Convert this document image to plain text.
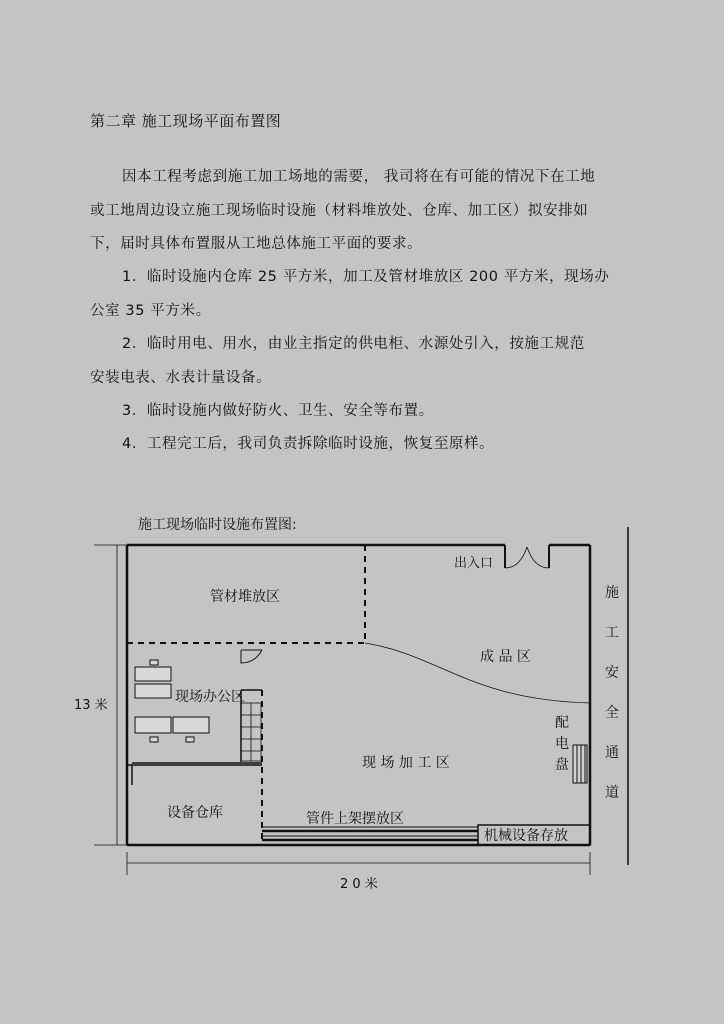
第二章 施工现场平面布置图
因本工程考虑到施工加工场地的需要， 我司将在有可能的情况下在工地
或工地周边设立施工现场临时设施（材料堆放处、仓库、加工区）拟安排如
下，届时具体布置服从工地总体施工平面的要求。
1．临时设施内仓库 25 平方米，加工及管材堆放区 200 平方米，现场办
公室 35 平方米。
2．临时用电、用水，由业主指定的供电柜、水源处引入，按施工规范
安装电表、水表计量设备。
3．临时设施内做好防火、卫生、安全等布置。
4．工程完工后，我司负责拆除临时设施，恢复至原样。
施工现场临时设施布置图:
管材堆放区
出入口
成 品 区
现场办公区
现 场 加 工 区
设备仓库	管件上架摆放区
机械设备存放
13 米
2 0 米
配
电
盘
施
工
安
全
通
道
